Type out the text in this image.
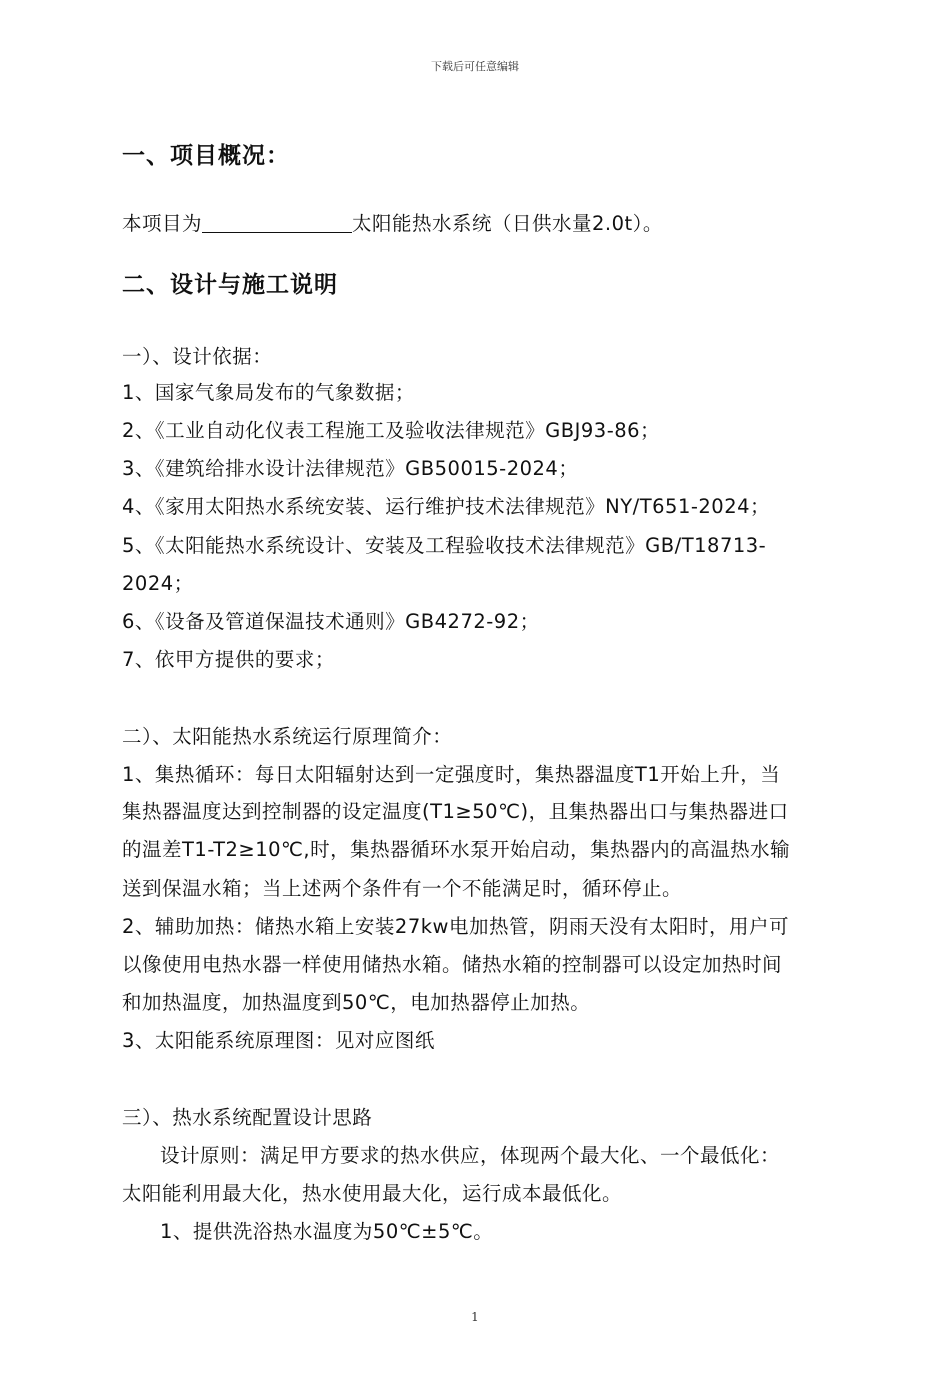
下载后可任意编辑
一、项目概况：
本项目为	太阳能热水系统（日供水量2.0t）。
二、设计与施工说明
一）、设计依据：
1、国家气象局发布的气象数据；
2、《工业自动化仪表工程施工及验收法律规范》GBJ93-86；
3、《建筑给排水设计法律规范》GB50015-2024；
4、《家用太阳热水系统安装、运行维护技术法律规范》NY/T651-2024；
5、《太阳能热水系统设计、安装及工程验收技术法律规范》GB/T18713-
2024；
6、《设备及管道保温技术通则》GB4272-92；
7、依甲方提供的要求；
二）、太阳能热水系统运行原理简介：
1、集热循环：每日太阳辐射达到一定强度时，集热器温度T1开始上升，当
集热器温度达到控制器的设定温度(T1≥50℃)，且集热器出口与集热器进口
的温差T1-T2≥10℃,时，集热器循环水泵开始启动，集热器内的高温热水输
送到保温水箱；当上述两个条件有一个不能满足时，循环停止。
2、辅助加热：储热水箱上安装27kw电加热管，阴雨天没有太阳时，用户可
以像使用电热水器一样使用储热水箱。储热水箱的控制器可以设定加热时间
和加热温度，加热温度到50℃，电加热器停止加热。
3、太阳能系统原理图：见对应图纸
三）、热水系统配置设计思路
设计原则：满足甲方要求的热水供应，体现两个最大化、一个最低化：
太阳能利用最大化，热水使用最大化，运行成本最低化。
1、提供洗浴热水温度为50℃±5℃。
1
